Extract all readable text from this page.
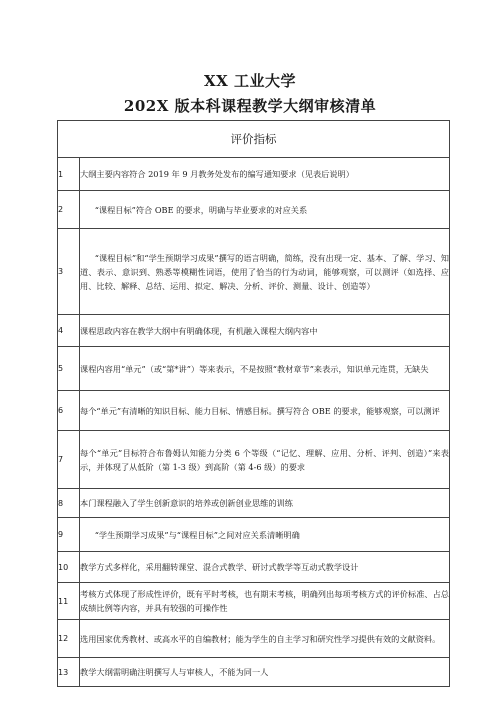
XX 工业大学
202X 版本科课程教学大纲审核清单
评价指标	
1	大纲主要内容符合 2019 年 9 月教务处发布的编写通知要求（见表后说明）
2	“课程目标”符合 OBE 的要求，明确与毕业要求的对应关系
3	“课程目标”和“学生预期学习成果”撰写的语言明确，简练，没有出现一定、基本、了解、学习、知道、表示、意识到、熟悉等模糊性词语，使用了恰当的行为动词，能够观察，可以测评（如选择、应用、比较、解释、总结、运用、拟定、解决、分析、评价、测量、设计、创造等）
4	课程思政内容在教学大纲中有明确体现，有机融入课程大纲内容中
5	课程内容用“单元”（或“第*讲”）等来表示，不是按照“教材章节”来表示，知识单元连贯，无缺失
6	每个“单元”有清晰的知识目标、能力目标、情感目标。撰写符合 OBE 的要求，能够观察，可以测评
7	每个“单元”目标符合布鲁姆认知能力分类 6 个等级（“记忆、理解、应用、分析、评判、创造）”来表示，并体现了从低阶（第 1-3 级）到高阶（第 4-6 级）的要求
8	本门课程融入了学生创新意识的培养或创新创业思维的训练
9	“学生预期学习成果”与“课程目标”之间对应关系清晰明确
10	教学方式多样化，采用翻转课堂、混合式教学、研讨式教学等互动式教学设计
11	考核方式体现了形成性评价，既有平时考核，也有期末考核，明确列出每项考核方式的评价标准、占总成绩比例等内容，并具有较强的可操作性
12	选用国家优秀教材、或高水平的自编教材；能为学生的自主学习和研究性学习提供有效的文献资料。
13	教学大纲需明确注明撰写人与审核人，不能为同一人
